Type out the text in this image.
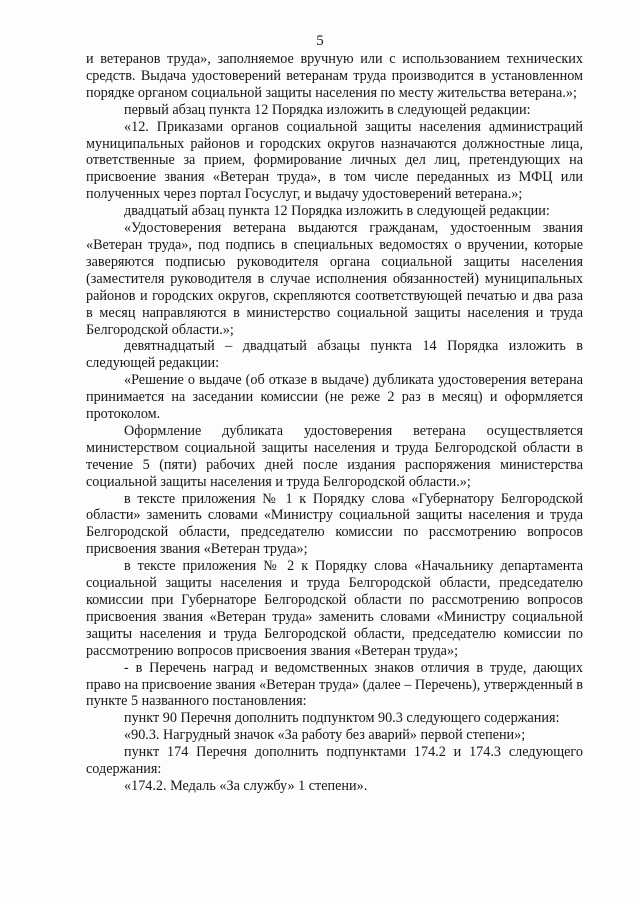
5

и ветеранов труда», заполняемое вручную или с использованием технических средств. Выдача удостоверений ветеранам труда производится в установленном порядке органом социальной защиты населения по месту жительства ветерана.»;

первый абзац пункта 12 Порядка изложить в следующей редакции:

«12. Приказами органов социальной защиты населения администраций муниципальных районов и городских округов назначаются должностные лица, ответственные за прием, формирование личных дел лиц, претендующих на присвоение звания «Ветеран труда», в том числе переданных из МФЦ или полученных через портал Госуслуг, и выдачу удостоверений ветерана.»;

двадцатый абзац пункта 12 Порядка изложить в следующей редакции:

«Удостоверения ветерана выдаются гражданам, удостоенным звания «Ветеран труда», под подпись в специальных ведомостях о вручении, которые заверяются подписью руководителя органа социальной защиты населения (заместителя руководителя в случае исполнения обязанностей) муниципальных районов и городских округов, скрепляются соответствующей печатью и два раза в месяц направляются в министерство социальной защиты населения и труда Белгородской области.»;

девятнадцатый – двадцатый абзацы пункта 14 Порядка изложить в следующей редакции:

«Решение о выдаче (об отказе в выдаче) дубликата удостоверения ветерана принимается на заседании комиссии (не реже 2 раз в месяц) и оформляется протоколом.

Оформление дубликата удостоверения ветерана осуществляется министерством социальной защиты населения и труда Белгородской области в течение 5 (пяти) рабочих дней после издания распоряжения министерства социальной защиты населения и труда Белгородской области.»;

в тексте приложения № 1 к Порядку слова «Губернатору Белгородской области» заменить словами «Министру социальной защиты населения и труда Белгородской области, председателю комиссии по рассмотрению вопросов присвоения звания «Ветеран труда»;

в тексте приложения № 2 к Порядку слова «Начальнику департамента социальной защиты населения и труда Белгородской области, председателю комиссии при Губернаторе Белгородской области по рассмотрению вопросов присвоения звания «Ветеран труда» заменить словами «Министру социальной защиты населения и труда Белгородской области, председателю комиссии по рассмотрению вопросов присвоения звания «Ветеран труда»;

- в Перечень наград и ведомственных знаков отличия в труде, дающих право на присвоение звания «Ветеран труда» (далее – Перечень), утвержденный в пункте 5 названного постановления:

пункт 90 Перечня дополнить подпунктом 90.3 следующего содержания:

«90.3. Нагрудный значок «За работу без аварий» первой степени»;

пункт 174 Перечня дополнить подпунктами 174.2 и 174.3 следующего содержания:

«174.2. Медаль «За службу» 1 степени».
